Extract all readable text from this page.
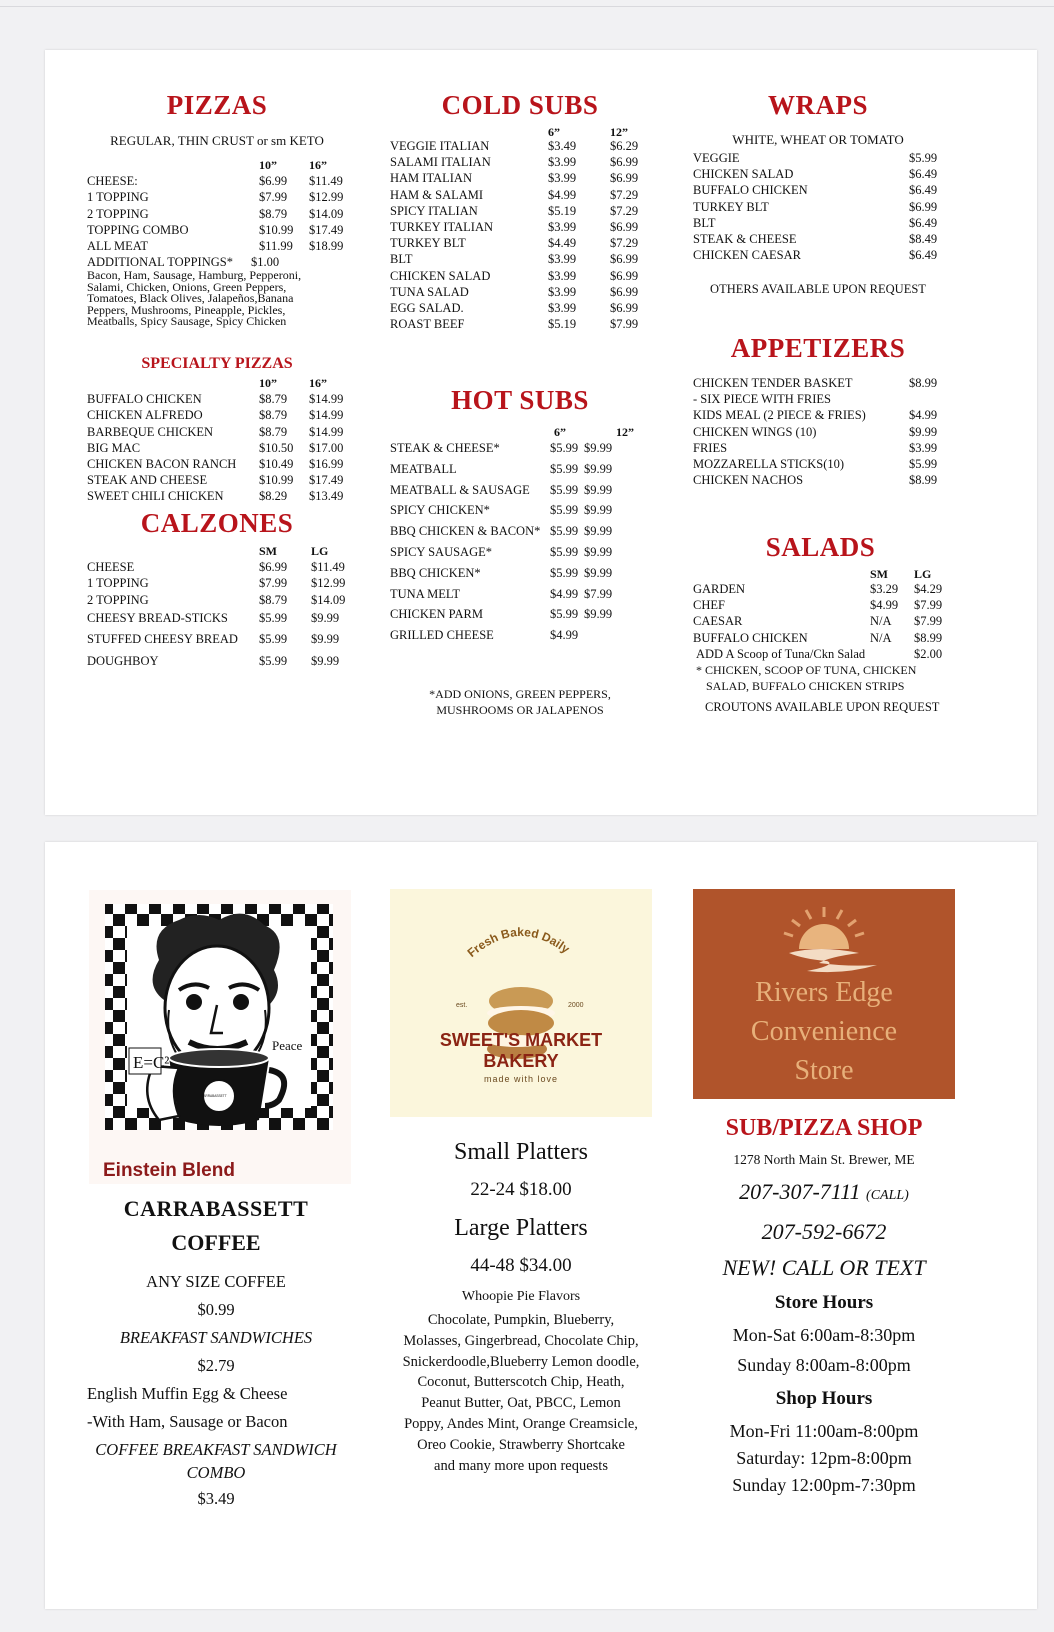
PIZZAS
REGULAR, THIN CRUST or sm KETO
10”	16”
CHEESE:	$6.99	$11.49
1 TOPPING	$7.99	$12.99
2 TOPPING	$8.79	$14.09
TOPPING COMBO	$10.99	$17.49
ALL MEAT	$11.99	$18.99
ADDITIONAL TOPPINGS*	$1.00
Bacon, Ham, Sausage, Hamburg, Pepperoni, Salami, Chicken, Onions, Green Peppers, Tomatoes, Black Olives, Jalapeños,Banana Peppers, Mushrooms, Pineapple, Pickles, Meatballs, Spicy Sausage, Spicy Chicken
SPECIALTY PIZZAS
10”	16”
BUFFALO CHICKEN	$8.79	$14.99
CHICKEN ALFREDO	$8.79	$14.99
BARBEQUE CHICKEN	$8.79	$14.99
BIG MAC	$10.50	$17.00
CHICKEN BACON RANCH	$10.49	$16.99
STEAK AND CHEESE	$10.99	$17.49
SWEET CHILI CHICKEN	$8.29	$13.49
CALZONES
SM	LG
CHEESE	$6.99	$11.49
1 TOPPING	$7.99	$12.99
2 TOPPING	$8.79	$14.09
CHEESY BREAD-STICKS	$5.99	$9.99
STUFFED CHEESY BREAD	$5.99	$9.99
DOUGHBOY	$5.99	$9.99
COLD SUBS
6”	12”
VEGGIE ITALIAN	$3.49	$6.29
SALAMI ITALIAN	$3.99	$6.99
HAM ITALIAN	$3.99	$6.99
HAM & SALAMI	$4.99	$7.29
SPICY ITALIAN	$5.19	$7.29
TURKEY ITALIAN	$3.99	$6.99
TURKEY BLT	$4.49	$7.29
BLT	$3.99	$6.99
CHICKEN SALAD	$3.99	$6.99
TUNA SALAD	$3.99	$6.99
EGG SALAD.	$3.99	$6.99
ROAST BEEF	$5.19	$7.99
HOT SUBS
6”	12”
STEAK & CHEESE*	$5.99 $9.99
MEATBALL	$5.99 $9.99
MEATBALL & SAUSAGE	$5.99 $9.99
SPICY CHICKEN*	$5.99 $9.99
BBQ CHICKEN & BACON* $5.99 $9.99
SPICY SAUSAGE*	$5.99 $9.99
BBQ CHICKEN*	$5.99 $9.99
TUNA MELT	$4.99 $7.99
CHICKEN PARM	$5.99 $9.99
GRILLED CHEESE	$4.99
*ADD ONIONS, GREEN PEPPERS,
MUSHROOMS OR JALAPENOS
WRAPS
WHITE, WHEAT OR TOMATO
VEGGIE	$5.99
CHICKEN SALAD	$6.49
BUFFALO CHICKEN	$6.49
TURKEY BLT	$6.99
BLT	$6.49
STEAK & CHEESE	$8.49
CHICKEN CAESAR	$6.49
OTHERS AVAILABLE UPON REQUEST
APPETIZERS
CHICKEN TENDER BASKET	$8.99
- SIX PIECE WITH FRIES
KIDS MEAL (2 PIECE & FRIES)	$4.99
CHICKEN WINGS (10)	$9.99
FRIES	$3.99
MOZZARELLA STICKS(10)	$5.99
CHICKEN NACHOS	$8.99
SALADS
SM	LG
GARDEN	$3.29	$4.29
CHEF	$4.99	$7.99
CAESAR	N/A	$7.99
BUFFALO CHICKEN	N/A	$8.99
ADD A Scoop of Tuna/Ckn Salad	$2.00
* CHICKEN, SCOOP OF TUNA, CHICKEN
SALAD, BUFFALO CHICKEN STRIPS
CROUTONS AVAILABLE UPON REQUEST
E=C²
Peace
CARRABASSETT
Einstein Blend
CARRABASSETT
COFFEE
ANY SIZE COFFEE
$0.99
BREAKFAST SANDWICHES
$2.79
English Muffin Egg & Cheese
-With Ham, Sausage or Bacon
COFFEE BREAKFAST SANDWICH
COMBO
$3.49
Fresh Baked Daily
est.	2000
SWEET'S MARKET
BAKERY
made with love
Small Platters
22-24 $18.00
Large Platters
44-48 $34.00
Whoopie Pie Flavors
Chocolate, Pumpkin, Blueberry,
Molasses, Gingerbread, Chocolate Chip,
Snickerdoodle,Blueberry Lemon doodle,
Coconut, Butterscotch Chip, Heath,
Peanut Butter, Oat, PBCC, Lemon
Poppy, Andes Mint, Orange Creamsicle,
Oreo Cookie, Strawberry Shortcake
and many more upon requests
Rivers Edge
Convenience
Store
SUB/PIZZA SHOP
1278 North Main St. Brewer, ME
207-307-7111 (CALL)
207-592-6672
NEW! CALL OR TEXT
Store Hours
Mon-Sat 6:00am-8:30pm
Sunday 8:00am-8:00pm
Shop Hours
Mon-Fri 11:00am-8:00pm
Saturday: 12pm-8:00pm
Sunday 12:00pm-7:30pm
